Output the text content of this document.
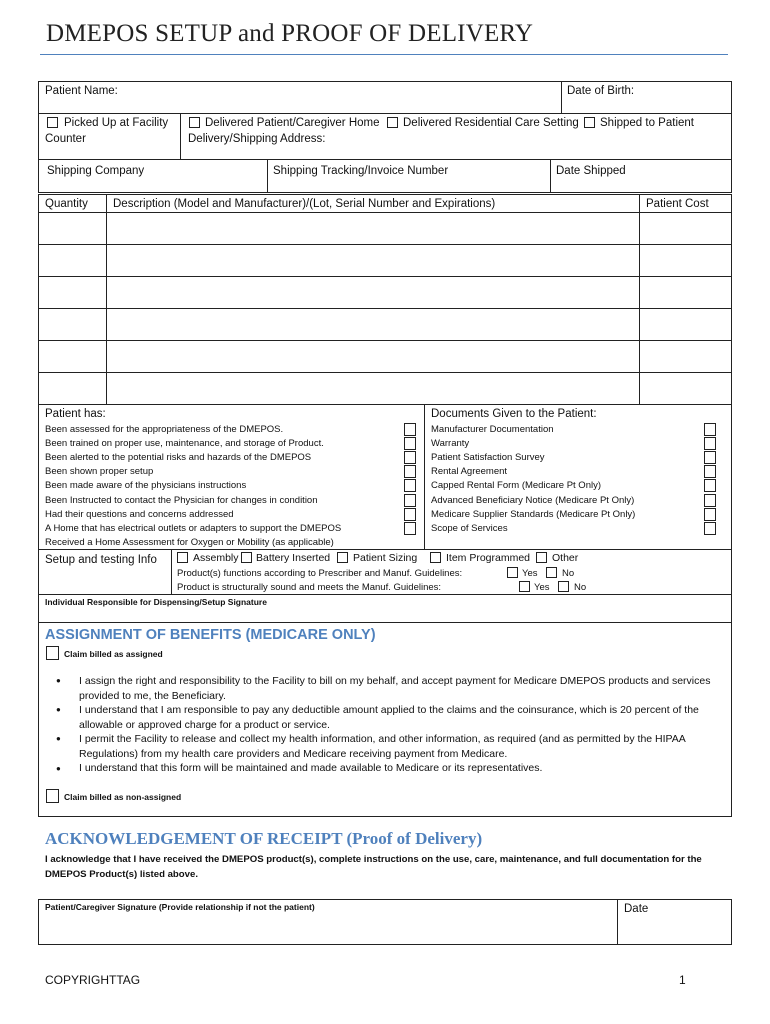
DMEPOS SETUP and PROOF OF DELIVERY
Patient Name:	Date of Birth:
Picked Up at Facility
Counter
Delivered Patient/Caregiver Home Delivered Residential Care Setting Shipped to Patient
Delivery/Shipping Address:
Shipping Company	Shipping Tracking/Invoice Number	Date Shipped
Quantity Description (Model and Manufacturer)/(Lot, Serial Number and Expirations)	Patient Cost
Patient has:	Documents Given to the Patient:
Been assessed for the appropriateness of the DMEPOS.
Been trained on proper use, maintenance, and storage of Product.
Been alerted to the potential risks and hazards of the DMEPOS
Been shown proper setup
Been made aware of the physicians instructions
Been Instructed to contact the Physician for changes in condition
Had their questions and concerns addressed
A Home that has electrical outlets or adapters to support the DMEPOS
Received a Home Assessment for Oxygen or Mobility (as applicable)
Manufacturer Documentation
Warranty
Patient Satisfaction Survey
Rental Agreement
Capped Rental Form (Medicare Pt Only)
Advanced Beneficiary Notice (Medicare Pt Only)
Medicare Supplier Standards (Medicare Pt Only)
Scope of Services
Setup and testing Info	Assembly Battery Inserted Patient Sizing	Item Programmed Other
Product(s) functions according to Prescriber and Manuf. Guidelines:	Yes	No
Product is structurally sound and meets the Manuf. Guidelines:	Yes	No
Individual Responsible for Dispensing/Setup Signature
ASSIGNMENT OF BENEFITS (MEDICARE ONLY)
Claim billed as assigned
● I assign the right and responsibility to the Facility to bill on my behalf, and accept payment for Medicare DMEPOS products and services provided to me, the Beneficiary.
● I understand that I am responsible to pay any deductible amount applied to the claims and the coinsurance, which is 20 percent of the allowable or approved charge for a product or service.
● I permit the Facility to release and collect my health information, and other information, as required (and as permitted by the HIPAA Regulations) from my health care providers and Medicare receiving payment from Medicare.
● I understand that this form will be maintained and made available to Medicare or its representatives.
Claim billed as non-assigned
ACKNOWLEDGEMENT OF RECEIPT (Proof of Delivery)
I acknowledge that I have received the DMEPOS product(s), complete instructions on the use, care, maintenance, and full documentation for the DMEPOS Product(s) listed above.
Patient/Caregiver Signature (Provide relationship if not the patient)	Date
COPYRIGHTTAG	1
